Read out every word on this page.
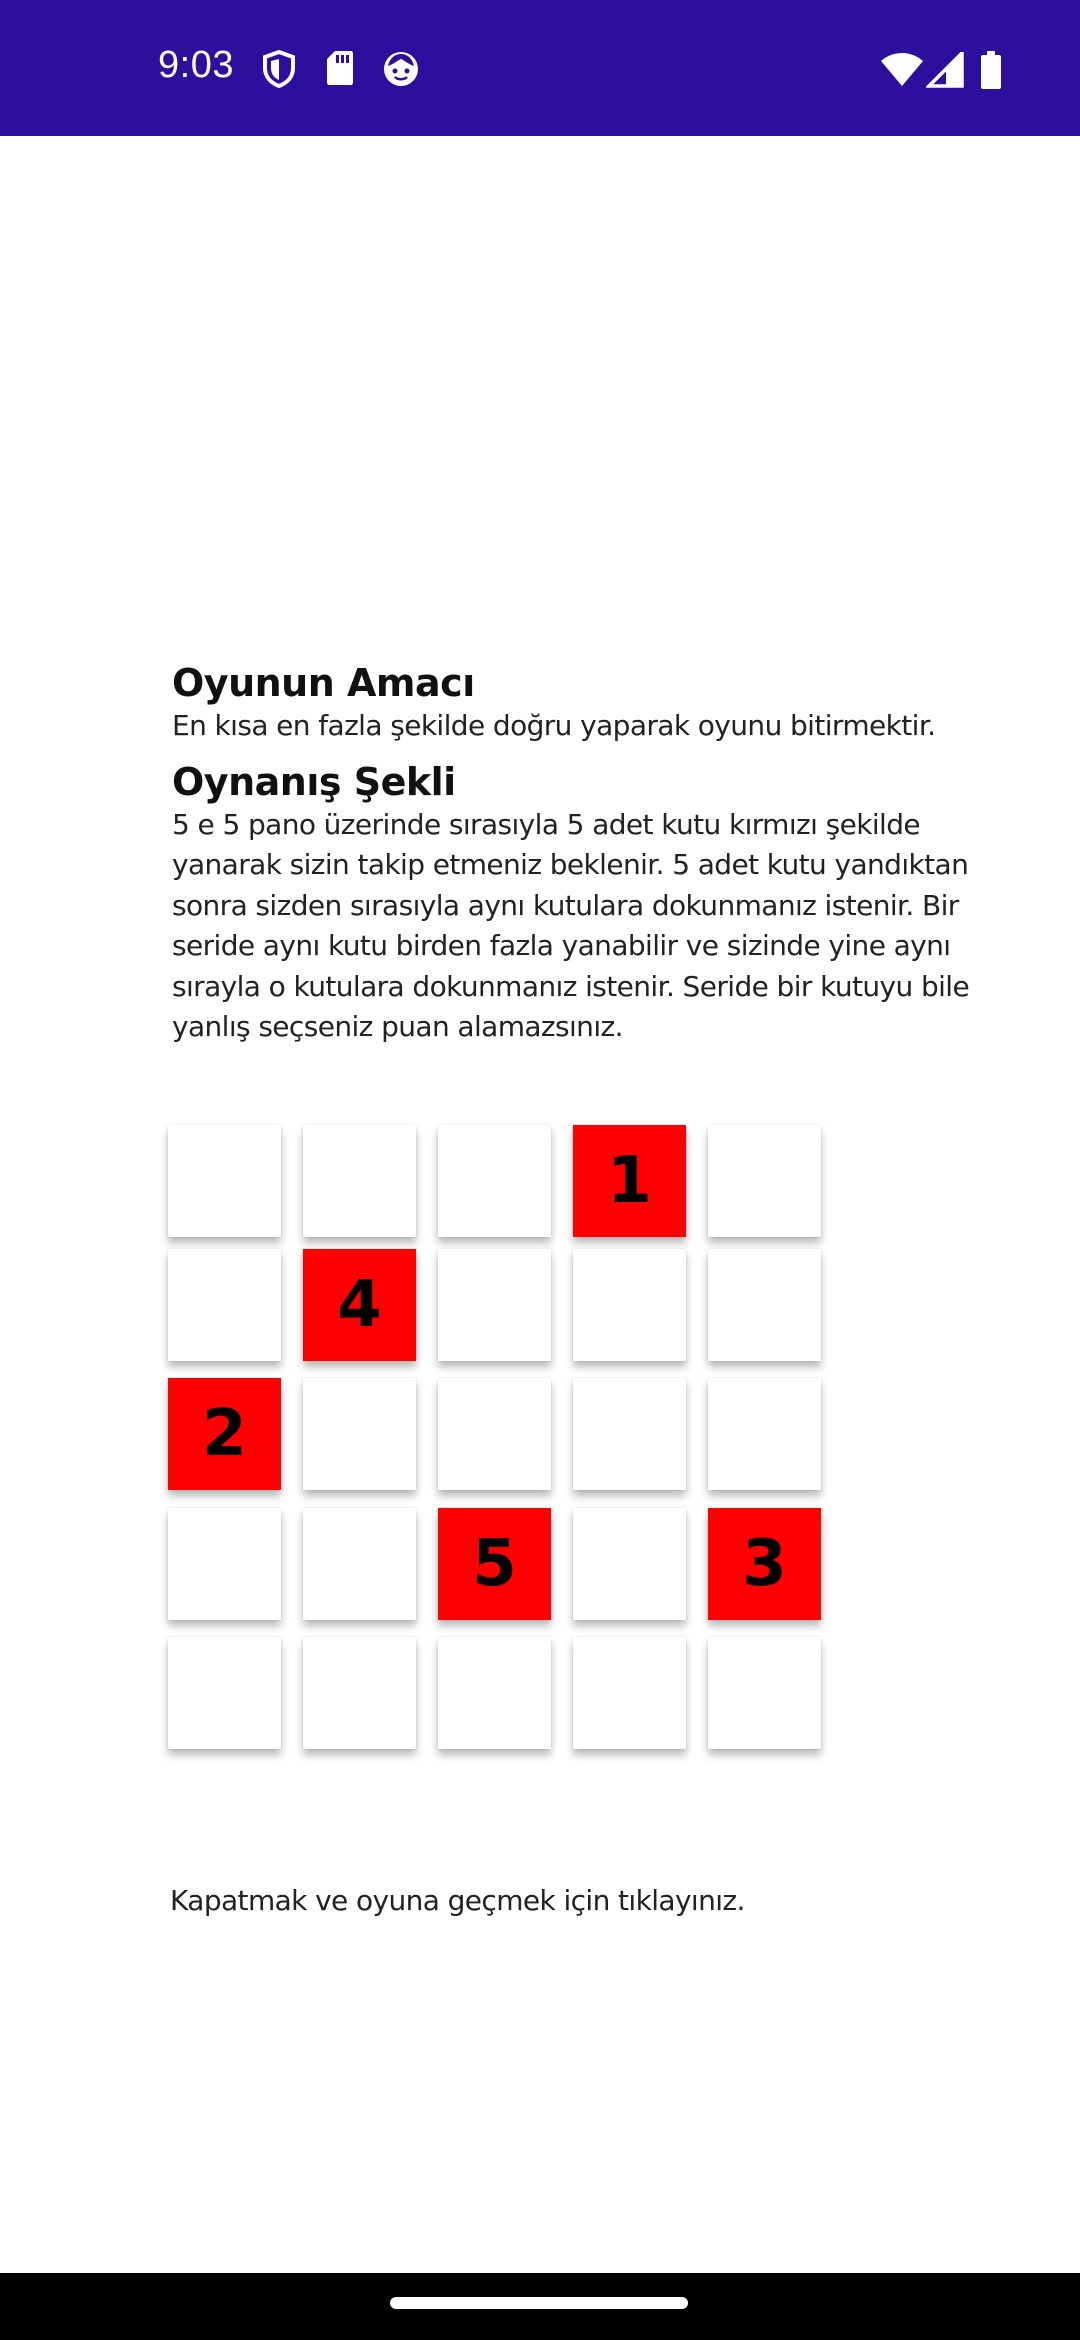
9:03
Oyunun Amacı

En kısa en fazla şekilde doğru yaparak oyunu bitirmektir.

Oynanış Şekli

5 e 5 pano üzerinde sırasıyla 5 adet kutu kırmızı şekilde yanarak sizin takip etmeniz beklenir. 5 adet kutu yandıktan sonra sizden sırasıyla aynı kutulara dokunmanız istenir. Bir seride aynı kutu birden fazla yanabilir ve sizinde yine aynı sırayla o kutulara dokunmanız istenir. Seride bir kutuyu bile yanlış seçseniz puan alamazsınız.

1
4
2
5	3
Kapatmak ve oyuna geçmek için tıklayınız.
